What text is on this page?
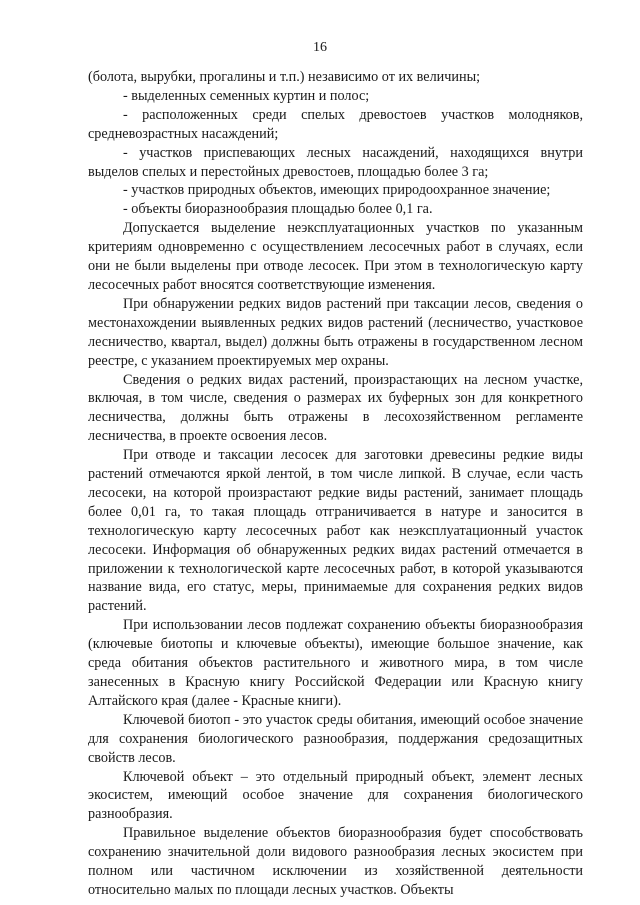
16

(болота, вырубки, прогалины и т.п.) независимо от их величины;

- выделенных семенных куртин и полос;

- расположенных среди спелых древостоев участков молодняков, средневозрастных насаждений;

- участков приспевающих лесных насаждений, находящихся внутри выделов спелых и перестойных древостоев, площадью более 3 га;

- участков природных объектов, имеющих природоохранное значение;

- объекты биоразнообразия площадью более 0,1 га.

Допускается выделение неэксплуатационных участков по указанным критериям одновременно с осуществлением лесосечных работ в случаях, если они не были выделены при отводе лесосек. При этом в технологическую карту лесосечных работ вносятся соответствующие изменения.

При обнаружении редких видов растений при таксации лесов, сведения о местонахождении выявленных редких видов растений (лесничество, участковое лесничество, квартал, выдел) должны быть отражены в государственном лесном реестре, с указанием проектируемых мер охраны.

Сведения о редких видах растений, произрастающих на лесном участке, включая, в том числе, сведения о размерах их буферных зон для конкретного лесничества, должны быть отражены в лесохозяйственном регламенте лесничества, в проекте освоения лесов.

При отводе и таксации лесосек для заготовки древесины редкие виды растений отмечаются яркой лентой, в том числе липкой. В случае, если часть лесосеки, на которой произрастают редкие виды растений, занимает площадь более 0,01 га, то такая площадь отграничивается в натуре и заносится в технологическую карту лесосечных работ как неэксплуатационный участок лесосеки. Информация об обнаруженных редких видах растений отмечается в приложении к технологической карте лесосечных работ, в которой указываются название вида, его статус, меры, принимаемые для сохранения редких видов растений.

При использовании лесов подлежат сохранению объекты биоразнообразия (ключевые биотопы и ключевые объекты), имеющие большое значение, как среда обитания объектов растительного и животного мира, в том числе занесенных в Красную книгу Российской Федерации или Красную книгу Алтайского края (далее - Красные книги).

Ключевой биотоп - это участок среды обитания, имеющий особое значение для сохранения биологического разнообразия, поддержания средозащитных свойств лесов.

Ключевой объект – это отдельный природный объект, элемент лесных экосистем, имеющий особое значение для сохранения биологического разнообразия.

Правильное выделение объектов биоразнообразия будет способствовать сохранению значительной доли видового разнообразия лесных экосистем при полном или частичном исключении из хозяйственной деятельности относительно малых по площади лесных участков. Объекты
